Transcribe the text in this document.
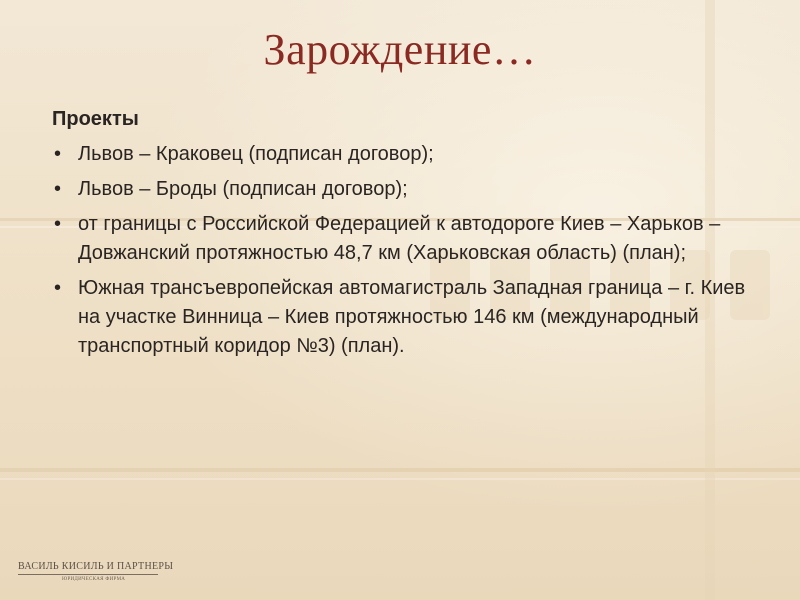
Зарождение…
Проекты
• Львов – Краковец (подписан договор);
• Львов – Броды (подписан договор);
• от границы с Российской Федерацией к автодороге Киев – Харьков – Довжанский протяжностью 48,7 км (Харьковская область) (план);
• Южная трансъевропейская автомагистраль Западная граница – г. Киев на участке Винница – Киев протяжностью 146 км (международный транспортный коридор №3) (план).
ВАСИЛЬ КИСИЛЬ И ПАРТНЕРЫ
ЮРИДИЧЕСКАЯ ФИРМА
